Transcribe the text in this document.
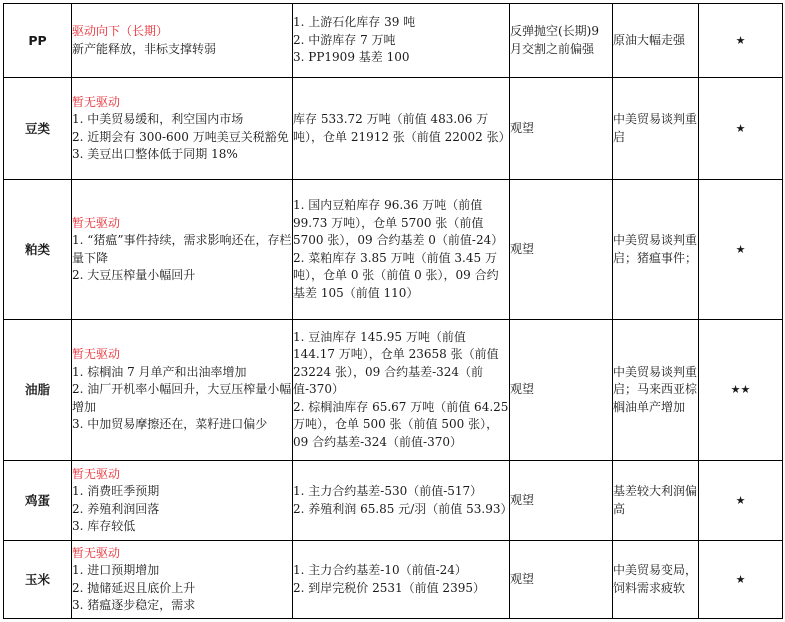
PP	驱动向下（长期）
新产能释放，非标支撑转弱	1. 上游石化库存 39 吨
2. 中游库存 7 万吨
3. PP1909 基差 100	反弹抛空(长期)9 月交割之前偏强	原油大幅走强	★
豆类	暂无驱动
1. 中美贸易缓和，利空国内市场
2. 近期会有 300-600 万吨美豆关税豁免
3. 美豆出口整体低于同期 18%	库存 533.72 万吨（前值 483.06 万吨），仓单 21912 张（前值 22002 张）	观望	中美贸易谈判重启	★
粕类	暂无驱动
1. “猪瘟”事件持续，需求影响还在，存栏量下降
2. 大豆压榨量小幅回升	1. 国内豆粕库存 96.36 万吨（前值 99.73 万吨），仓单 5700 张（前值 5700 张），09 合约基差 0（前值-24）
2. 菜粕库存 3.85 万吨（前值 3.45 万吨），仓单 0 张（前值 0 张），09 合约基差 105（前值 110）	观望	中美贸易谈判重启；猪瘟事件；	★
油脂	暂无驱动
1. 棕榈油 7 月单产和出油率增加
2. 油厂开机率小幅回升，大豆压榨量小幅增加
3. 中加贸易摩擦还在，菜籽进口偏少	1. 豆油库存 145.95 万吨（前值 144.17 万吨），仓单 23658 张（前值 23224 张），09 合约基差-324（前值-370）
2. 棕榈油库存 65.67 万吨（前值 64.25 万吨），仓单 500 张（前值 500 张），09 合约基差-324（前值-370）	观望	中美贸易谈判重启；马来西亚棕榈油单产增加	★★
鸡蛋	暂无驱动
1. 消费旺季预期
2. 养殖利润回落
3. 库存较低	1. 主力合约基差-530（前值-517）
2. 养殖利润 65.85 元/羽（前值 53.93）	观望	基差较大利润偏高	★
玉米	暂无驱动
1. 进口预期增加
2. 抛储延迟且底价上升
3. 猪瘟逐步稳定，需求	1. 主力合约基差-10（前值-24）
2. 到岸完税价 2531（前值 2395）	观望	中美贸易变局，饲料需求疲软	★
